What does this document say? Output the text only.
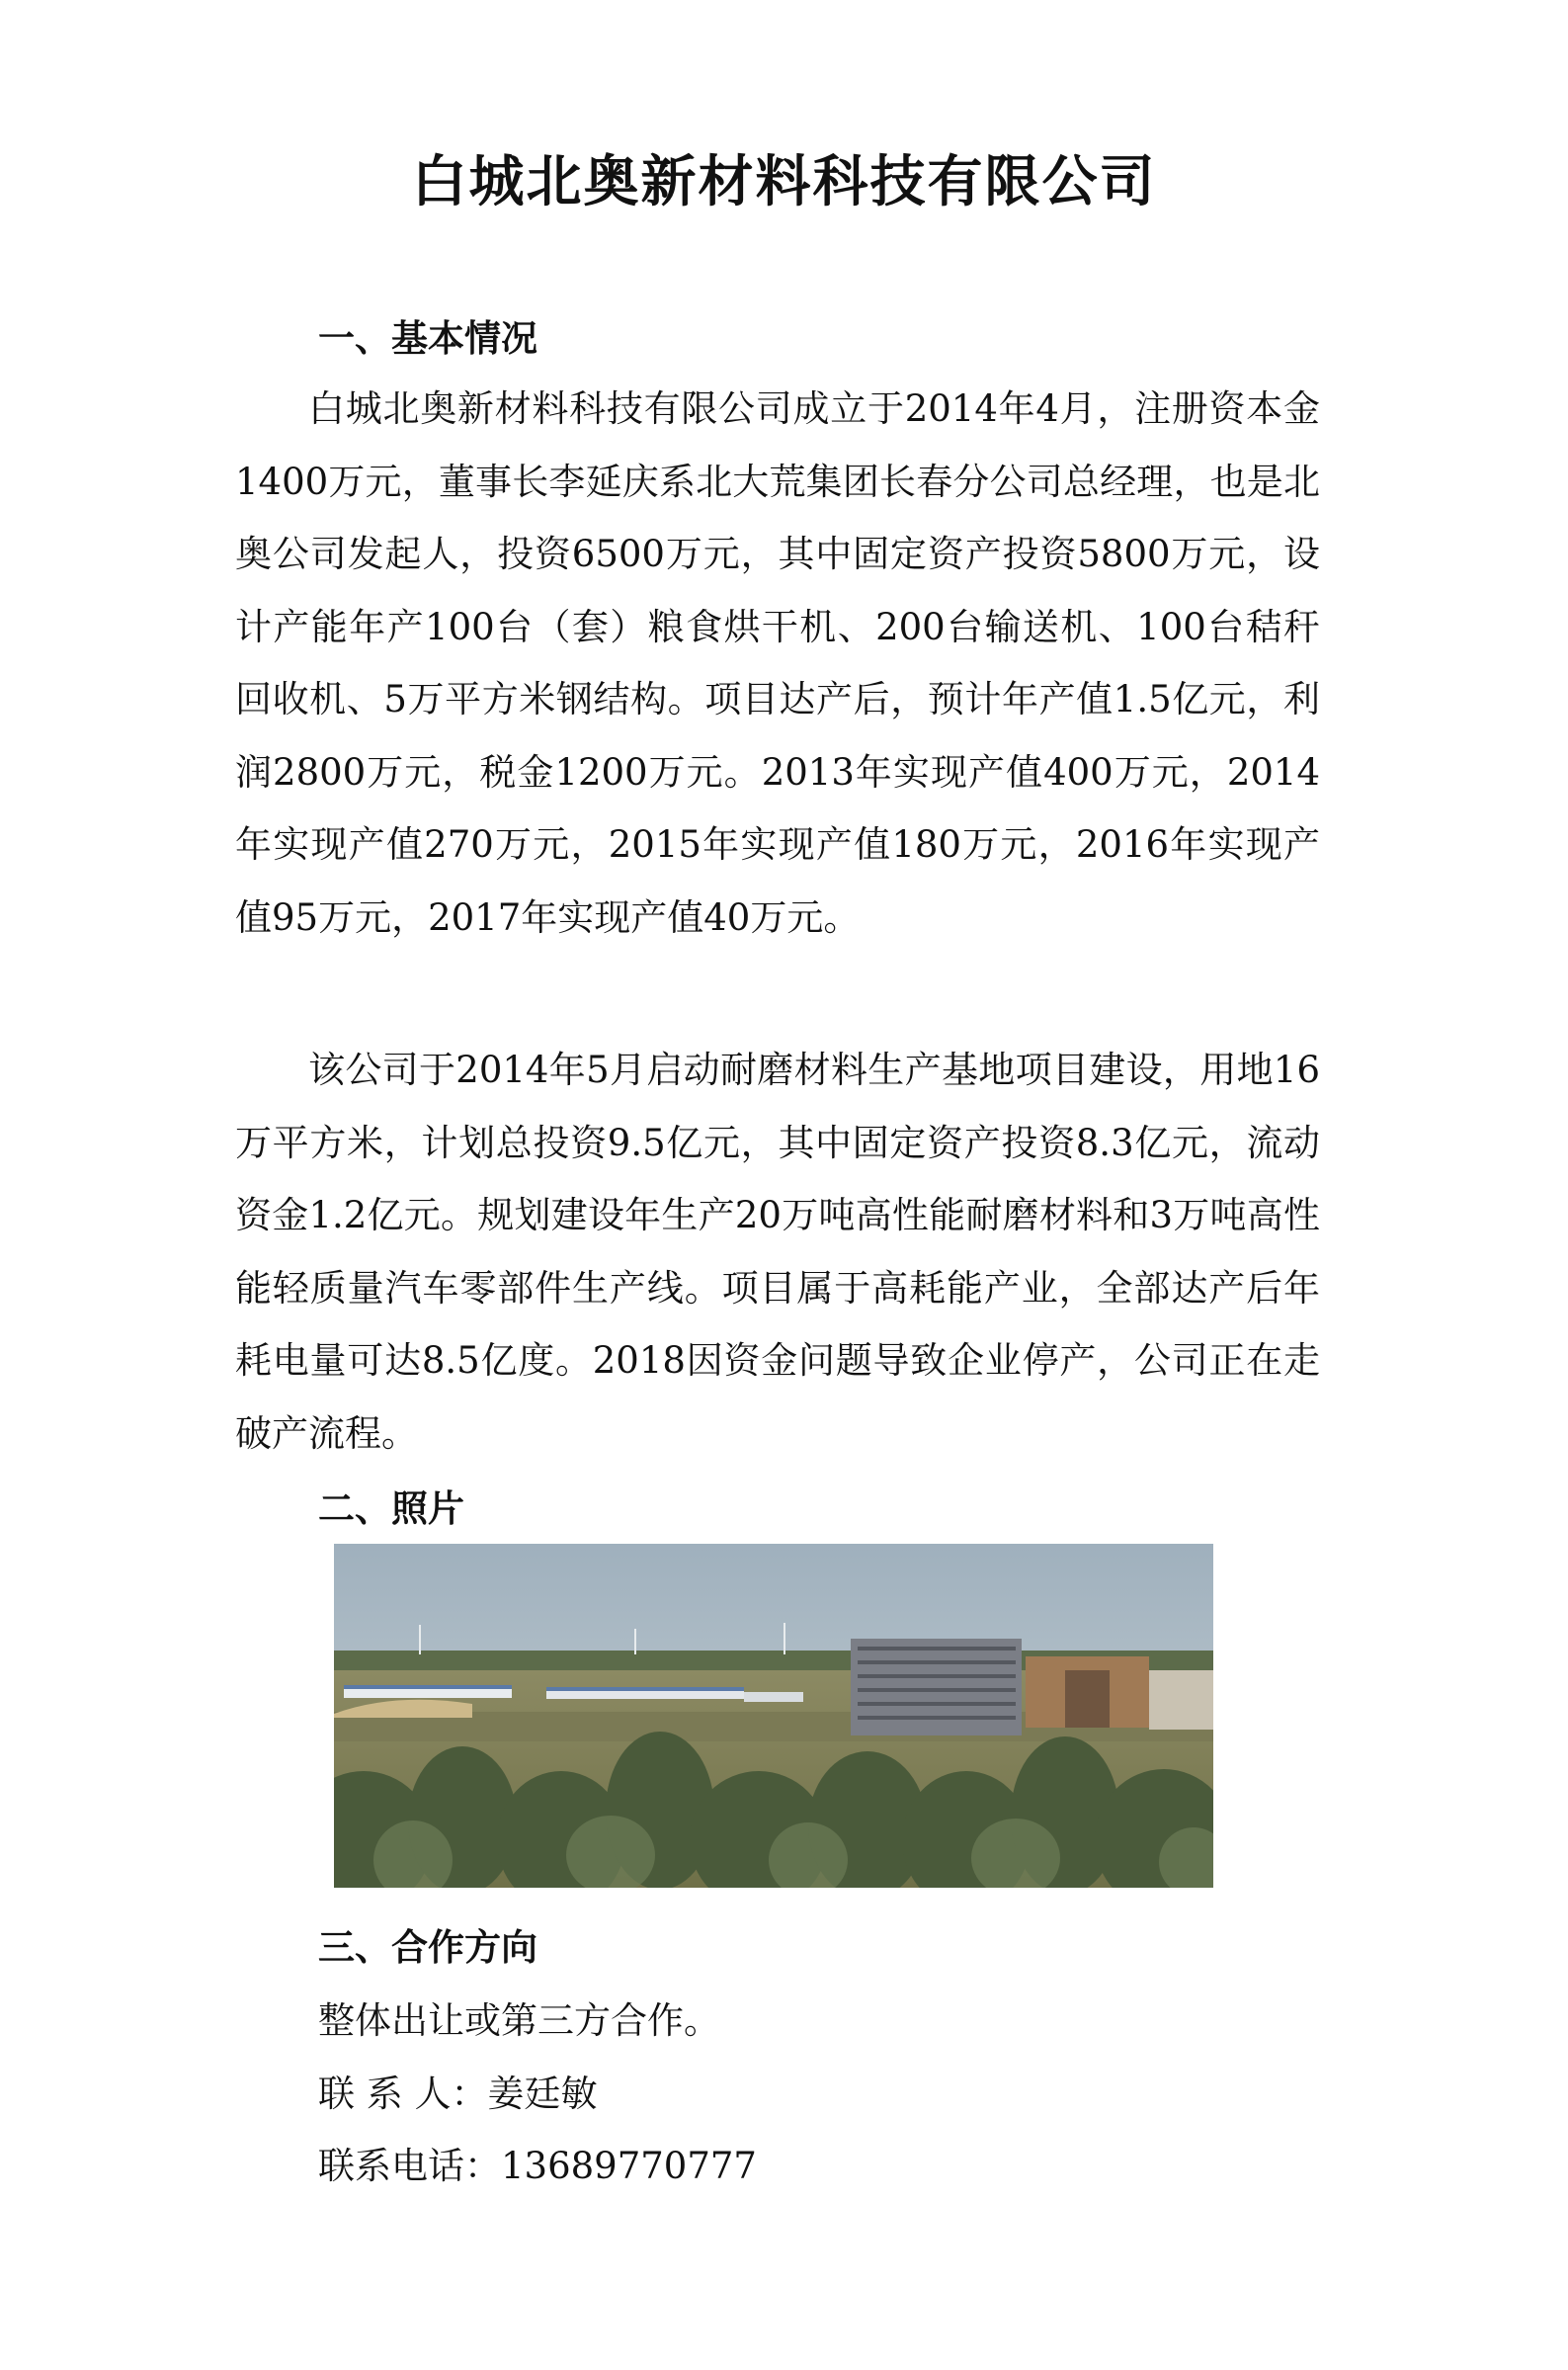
白城北奥新材料科技有限公司
一、基本情况

白城北奥新材料科技有限公司成立于2014年4月，注册资本金1400万元，董事长李延庆系北大荒集团长春分公司总经理，也是北奥公司发起人，投资6500万元，其中固定资产投资5800万元，设计产能年产100台（套）粮食烘干机、200台输送机、100台秸秆回收机、5万平方米钢结构。项目达产后，预计年产值1.5亿元，利润2800万元，税金1200万元。2013年实现产值400万元，2014年实现产值270万元，2015年实现产值180万元，2016年实现产值95万元，2017年实现产值40万元。

该公司于2014年5月启动耐磨材料生产基地项目建设，用地16万平方米，计划总投资9.5亿元，其中固定资产投资8.3亿元，流动资金1.2亿元。规划建设年生产20万吨高性能耐磨材料和3万吨高性能轻质量汽车零部件生产线。项目属于高耗能产业，全部达产后年耗电量可达8.5亿度。2018因资金问题导致企业停产，公司正在走破产流程。

二、照片
三、合作方向
整体出让或第三方合作。
联 系 人：姜廷敏
联系电话：13689770777
